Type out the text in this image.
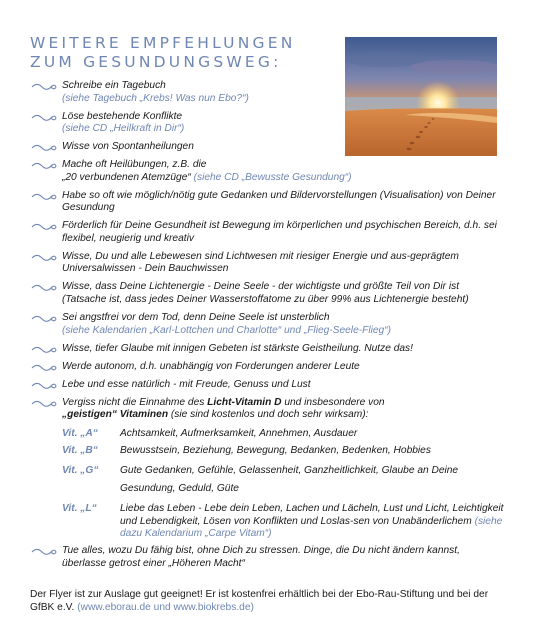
WEITERE EMPFEHLUNGEN
ZUM GESUNDUNGSWEG:
Schreibe ein Tagebuch
(siehe Tagebuch „Krebs! Was nun Ebo?“)
Löse bestehende Konflikte
(siehe CD „Heilkraft in Dir“)
Wisse von Spontanheilungen
Mache oft Heilübungen, z.B. die
„20 verbundenen Atemzüge“ (siehe CD „Bewusste Gesundung“)
Habe so oft wie möglich/nötig gute Gedanken und Bildervorstellungen (Visualisation) von Deiner Gesundung
Förderlich für Deine Gesundheit ist Bewegung im körperlichen und psychischen Bereich, d.h. sei flexibel, neugierig und kreativ
Wisse, Du und alle Lebewesen sind Lichtwesen mit riesiger Energie und aus-geprägtem Universalwissen - Dein Bauchwissen
Wisse, dass Deine Lichtenergie - Deine Seele - der wichtigste und größte Teil von Dir ist (Tatsache ist, dass jedes Deiner Wasserstoffatome zu über 99% aus Lichtenergie besteht)
Sei angstfrei vor dem Tod, denn Deine Seele ist unsterblich
(siehe Kalendarien „Karl-Lottchen und Charlotte“ und „Flieg-Seele-Flieg“)
Wisse, tiefer Glaube mit innigen Gebeten ist stärkste Geistheilung. Nutze das!
Werde autonom, d.h. unabhängig von Forderungen anderer Leute
Lebe und esse natürlich - mit Freude, Genuss und Lust
Vergiss nicht die Einnahme des Licht-Vitamin D und insbesondere von
„geistigen“ Vitaminen (sie sind kostenlos und doch sehr wirksam):
Vit. „A“ Achtsamkeit, Aufmerksamkeit, Annehmen, Ausdauer
Vit. „B“ Bewusstsein, Beziehung, Bewegung, Bedanken, Bedenken, Hobbies
Vit. „G“ Gute Gedanken, Gefühle, Gelassenheit, Ganzheitlichkeit, Glaube an Deine Gesundung, Geduld, Güte
Vit. „L“ Liebe das Leben - Lebe dein Leben, Lachen und Lächeln, Lust und Licht, Leichtigkeit und Lebendigkeit, Lösen von Konflikten und Loslas-sen von Unabänderlichem (siehe dazu Kalendarium „Carpe Vitam“)
Tue alles, wozu Du fähig bist, ohne Dich zu stressen. Dinge, die Du nicht ändern kannst, überlasse getrost einer „Höheren Macht“
Der Flyer ist zur Auslage gut geeignet! Er ist kostenfrei erhältlich bei der Ebo-Rau-Stiftung und bei der GfBK e.V. (www.eborau.de und www.biokrebs.de)
